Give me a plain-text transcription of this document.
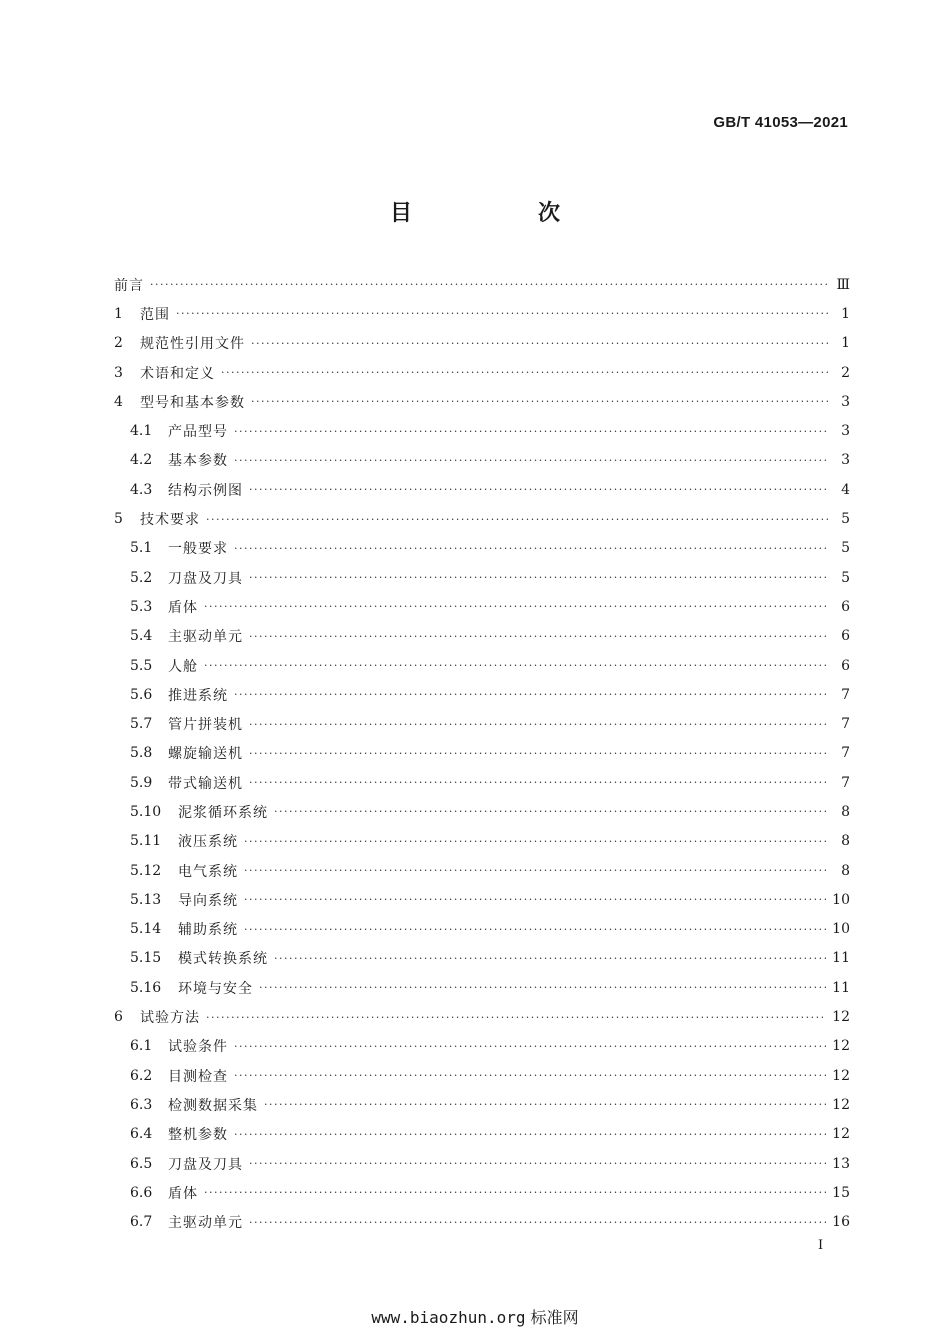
GB/T 41053—2021
目　次
前言 ·····	Ⅲ
1	范围 ·····	1
2	规范性引用文件 ·····	1
3	术语和定义 ·····	2
4	型号和基本参数 ·····	3
4.1	产品型号 ·····	3
4.2	基本参数 ·····	3
4.3	结构示例图 ·····	4
5	技术要求 ·····	5
5.1	一般要求 ·····	5
5.2	刀盘及刀具 ·····	5
5.3	盾体 ·····	6
5.4	主驱动单元 ·····	6
5.5	人舱 ·····	6
5.6	推进系统 ·····	7
5.7	管片拼装机 ·····	7
5.8	螺旋输送机 ·····	7
5.9	带式输送机 ·····	7
5.10	泥浆循环系统 ·····	8
5.11	液压系统 ·····	8
5.12	电气系统 ·····	8
5.13	导向系统 ·····	10
5.14	辅助系统 ·····	10
5.15	模式转换系统 ·····	11
5.16	环境与安全 ·····	11
6	试验方法 ·····	12
6.1	试验条件 ·····	12
6.2	目测检查 ·····	12
6.3	检测数据采集 ·····	12
6.4	整机参数 ·····	12
6.5	刀盘及刀具 ·····	13
6.6	盾体 ·····	15
6.7	主驱动单元 ·····	16
I
www.biaozhun.org 标准网
